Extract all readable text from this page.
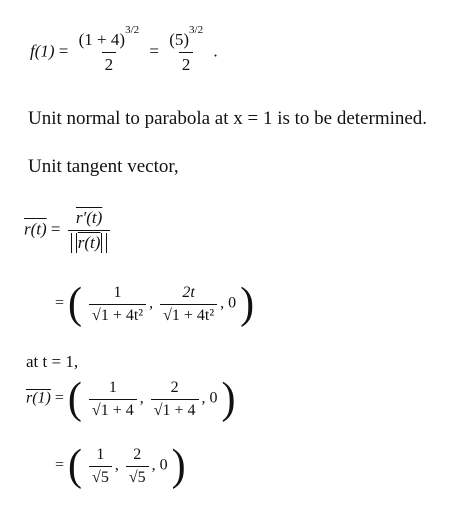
$f(1) = \frac{(1 + 4)^{3/2}}{2} = \frac{(5)^{3/2}}{2}$ .
Unit normal to parabola at x = 1 is to be determined.
Unit tangent vector,
$r(t) = \frac{r'(t)}{r(t)}$
= ( $\frac{1}{\text{√1 + 4t²}}$ , $\frac{2t}{\text{√1 + 4t²}}$ , 0 )
at t = 1,
r(1) = ( $\frac{1}{√1 + 4}$ , $\frac{2}{√1 + 4}$ , 0 )
= ( $\frac{1}{√5}$ , $\frac{2}{√5}$ , 0 )
